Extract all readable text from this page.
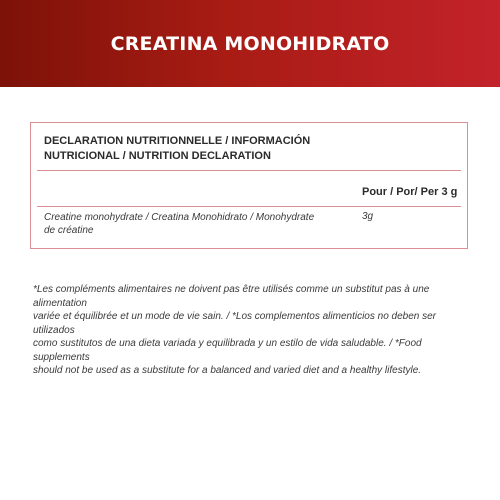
CREATINA MONOHIDRATO
DECLARATION NUTRITIONNELLE / INFORMACIÓN
NUTRICIONAL / NUTRITION DECLARATION
Pour / Por/ Per 3 g
Creatine monohydrate / Creatina Monohidrato / Monohydrate
de créatine
3g
*Les compléments alimentaires ne doivent pas être utilisés comme un substitut pas à une alimentation
variée et équilibrée et un mode de vie sain. / *Los complementos alimenticios no deben ser utilizados
como sustitutos de una dieta variada y equilibrada y un estilo de vida saludable. / *Food supplements
should not be used as a substitute for a balanced and varied diet and a healthy lifestyle.
